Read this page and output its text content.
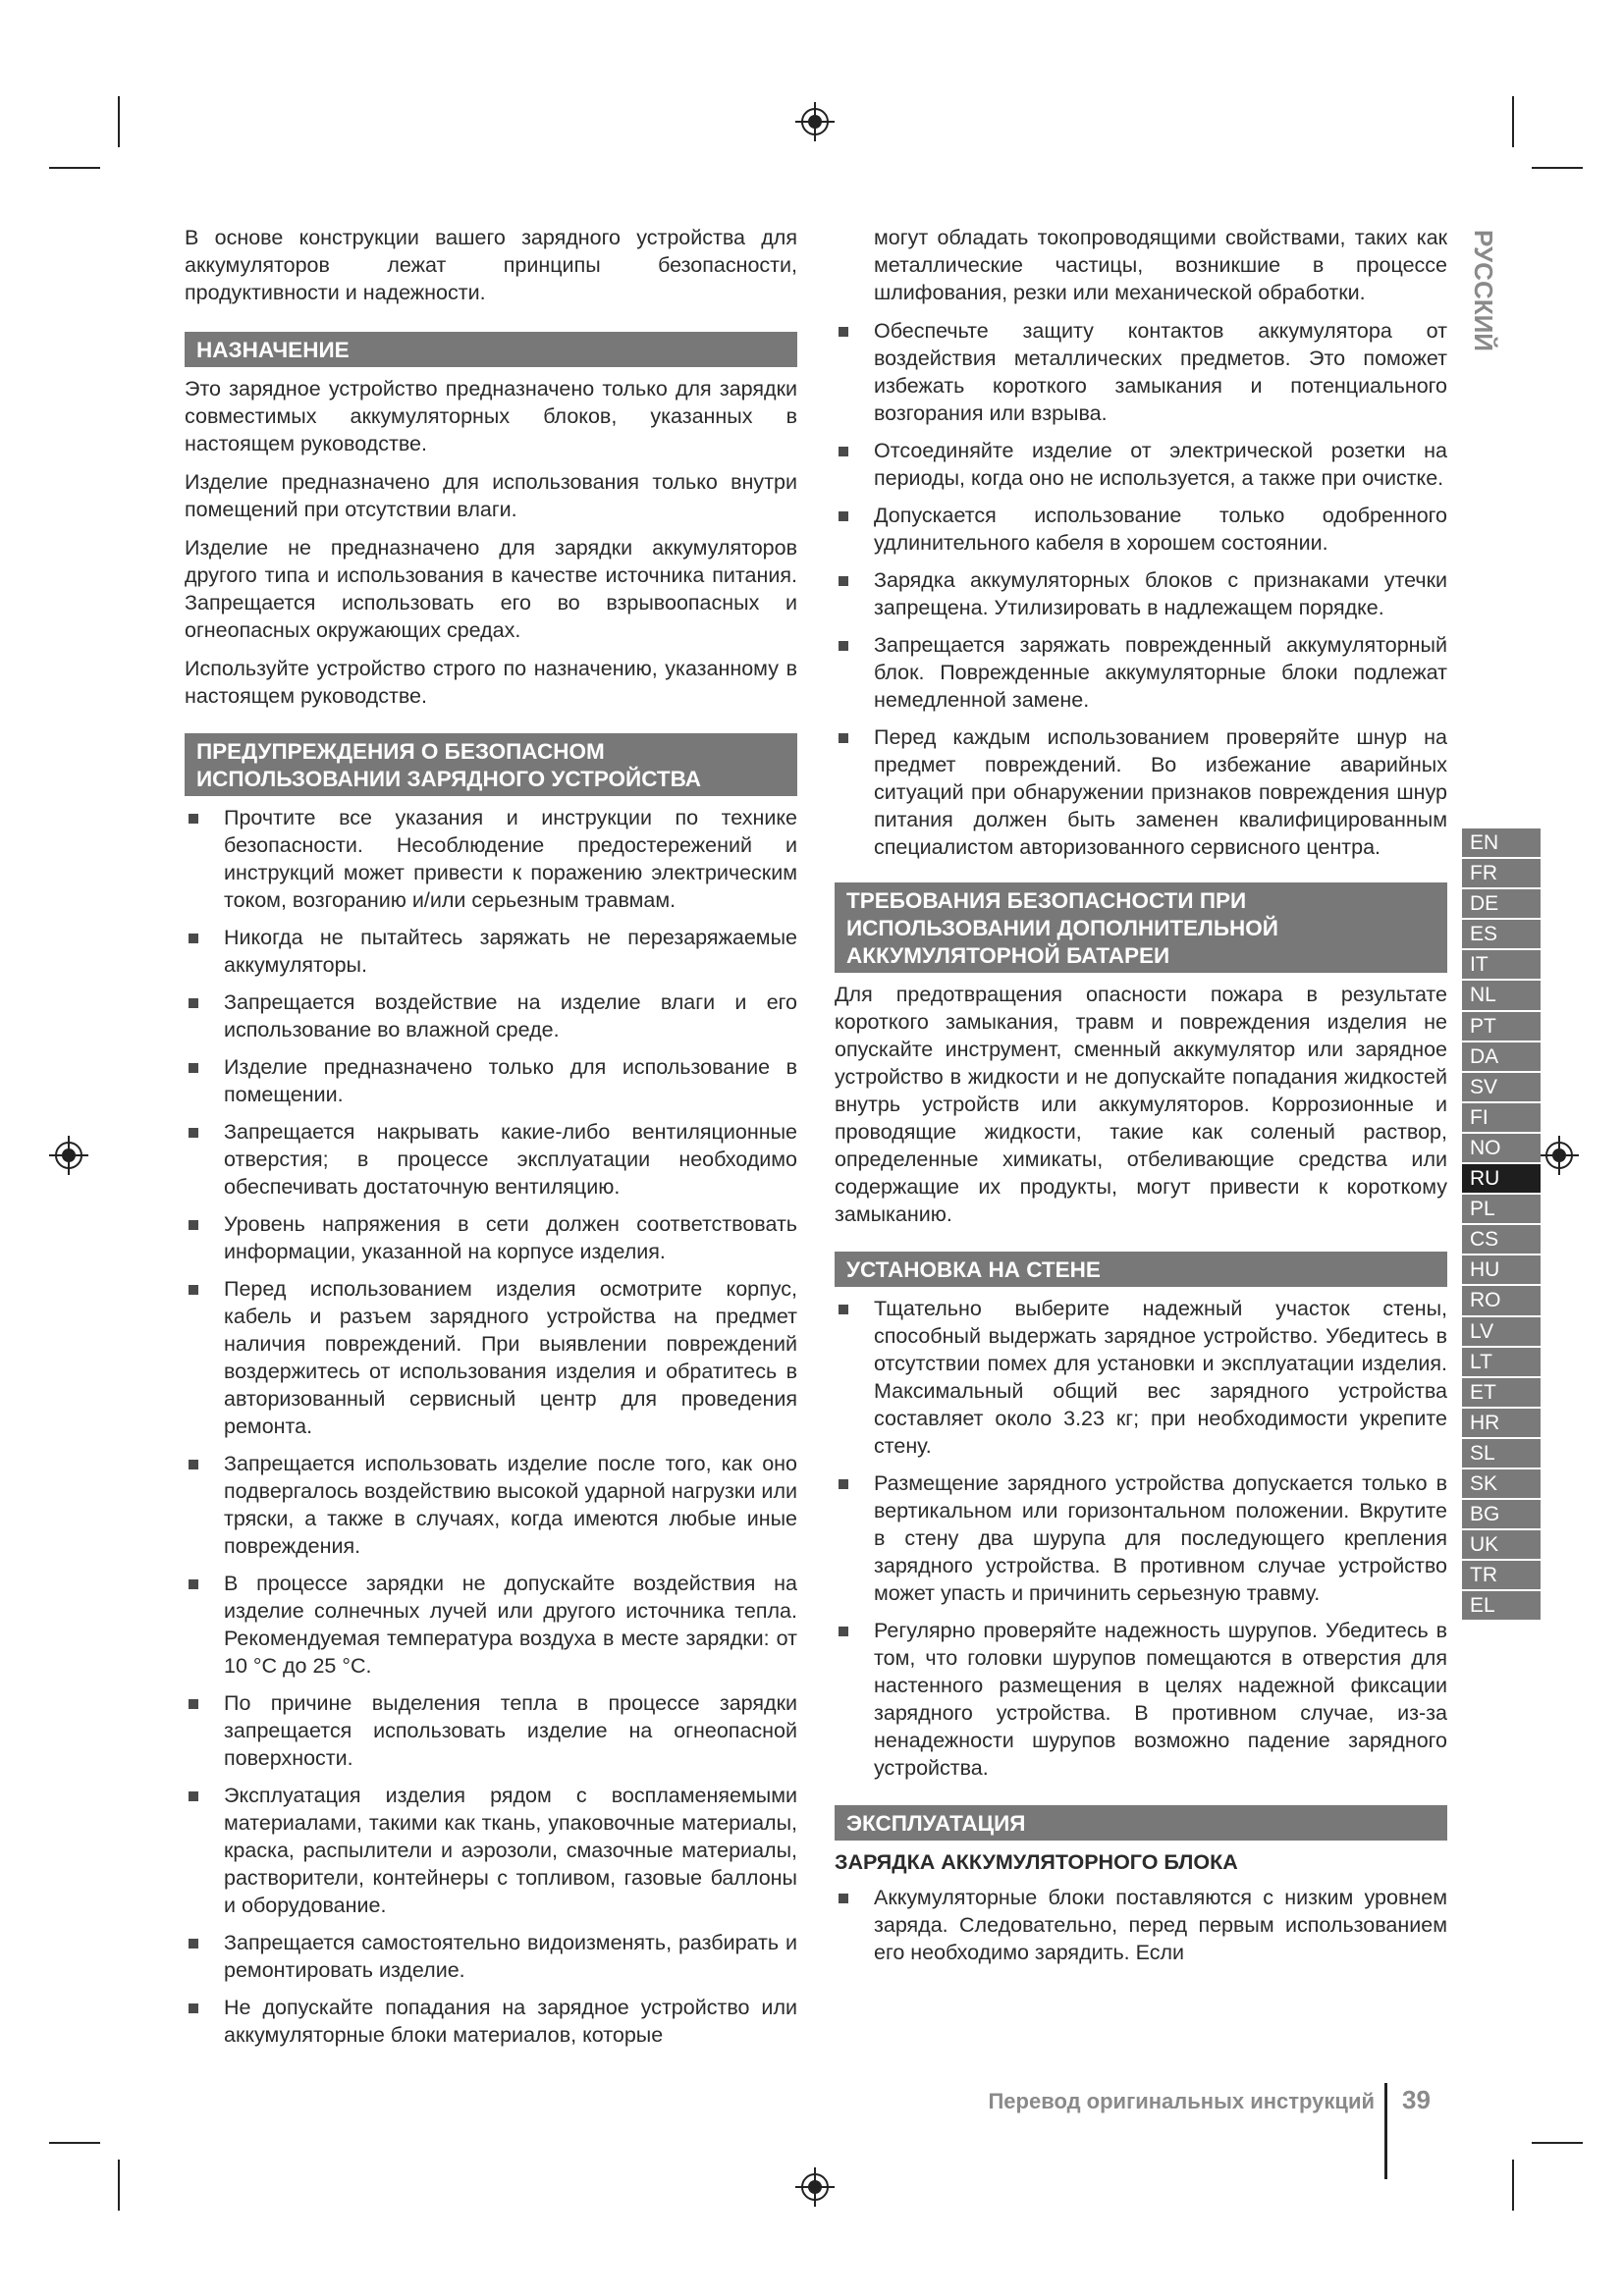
РУССКИЙ

В основе конструкции вашего зарядного устройства для аккумуляторов лежат принципы безопасности, продуктивности и надежности.

НАЗНАЧЕНИЕ

Это зарядное устройство предназначено только для зарядки совместимых аккумуляторных блоков, указанных в настоящем руководстве.

Изделие предназначено для использования только внутри помещений при отсутствии влаги.

Изделие не предназначено для зарядки аккумуляторов другого типа и использования в качестве источника питания. Запрещается использовать его во взрывоопасных и огнеопасных окружающих средах.

Используйте устройство строго по назначению, указанному в настоящем руководстве.

ПРЕДУПРЕЖДЕНИЯ О БЕЗОПАСНОМ
ИСПОЛЬЗОВАНИИ ЗАРЯДНОГО УСТРОЙСТВА
Прочтите все указания и инструкции по технике безопасности. Несоблюдение предостережений и инструкций может привести к поражению электрическим током, возгоранию и/или серьезным травмам.
Никогда не пытайтесь заряжать не перезаряжаемые аккумуляторы.
Запрещается воздействие на изделие влаги и его использование во влажной среде.
Изделие предназначено только для использование в помещении.
Запрещается накрывать какие-либо вентиляционные отверстия; в процессе эксплуатации необходимо обеспечивать достаточную вентиляцию.
Уровень напряжения в сети должен соответствовать информации, указанной на корпусе изделия.
Перед использованием изделия осмотрите корпус, кабель и разъем зарядного устройства на предмет наличия повреждений. При выявлении повреждений воздержитесь от использования изделия и обратитесь в авторизованный сервисный центр для проведения ремонта.
Запрещается использовать изделие после того, как оно подвергалось воздействию высокой ударной нагрузки или тряски, а также в случаях, когда имеются любые иные повреждения.
В процессе зарядки не допускайте воздействия на изделие солнечных лучей или другого источника тепла. Рекомендуемая температура воздуха в месте зарядки: от 10 °С до 25 °С.
По причине выделения тепла в процессе зарядки запрещается использовать изделие на огнеопасной поверхности.
Эксплуатация изделия рядом с воспламеняемыми материалами, такими как ткань, упаковочные материалы, краска, распылители и аэрозоли, смазочные материалы, растворители, контейнеры с топливом, газовые баллоны и оборудование.
Запрещается самостоятельно видоизменять, разбирать и ремонтировать изделие.
Не допускайте попадания на зарядное устройство или аккумуляторные блоки материалов, которые

могут обладать токопроводящими свойствами, таких как металлические частицы, возникшие в процессе шлифования, резки или механической обработки.

Обеспечьте защиту контактов аккумулятора от воздействия металлических предметов. Это поможет избежать короткого замыкания и потенциального возгорания или взрыва.
Отсоединяйте изделие от электрической розетки на периоды, когда оно не используется, а также при очистке.
Допускается использование только одобренного удлинительного кабеля в хорошем состоянии.
Зарядка аккумуляторных блоков с признаками утечки запрещена. Утилизировать в надлежащем порядке.
Запрещается заряжать поврежденный аккумуляторный блок. Поврежденные аккумуляторные блоки подлежат немедленной замене.
Перед каждым использованием проверяйте шнур на предмет повреждений. Во избежание аварийных ситуаций при обнаружении признаков повреждения шнур питания должен быть заменен квалифицированным специалистом авторизованного сервисного центра.
ТРЕБОВАНИЯ БЕЗОПАСНОСТИ ПРИ
ИСПОЛЬЗОВАНИИ ДОПОЛНИТЕЛЬНОЙ
АККУМУЛЯТОРНОЙ БАТАРЕИ

Для предотвращения опасности пожара в результате короткого замыкания, травм и повреждения изделия не опускайте инструмент, сменный аккумулятор или зарядное устройство в жидкости и не допускайте попадания жидкостей внутрь устройств или аккумуляторов. Коррозионные и проводящие жидкости, такие как соленый раствор, определенные химикаты, отбеливающие средства или содержащие их продукты, могут привести к короткому замыканию.

УСТАНОВКА НА СТЕНЕ
Тщательно выберите надежный участок стены, способный выдержать зарядное устройство. Убедитесь в отсутствии помех для установки и эксплуатации изделия. Максимальный общий вес зарядного устройства составляет около 3.23 кг; при необходимости укрепите стену.
Размещение зарядного устройства допускается только в вертикальном или горизонтальном положении. Вкрутите в стену два шурупа для последующего крепления зарядного устройства. В противном случае устройство может упасть и причинить серьезную травму.
Регулярно проверяйте надежность шурупов. Убедитесь в том, что головки шурупов помещаются в отверстия для настенного размещения в целях надежной фиксации зарядного устройства. В противном случае, из-за ненадежности шурупов возможно падение зарядного устройства.
ЭКСПЛУАТАЦИЯ
ЗАРЯДКА АККУМУЛЯТОРНОГО БЛОКА
Аккумуляторные блоки поставляются с низким уровнем заряда. Следовательно, перед первым использованием его необходимо зарядить. Если
EN
FR
DE
ES
IT
NL
PT
DA
SV
FI
NO
RU
PL
CS
HU
RO
LV
LT
ET
HR
SL
SK
BG
UK
TR
EL
Перевод оригинальных инструкций 39
